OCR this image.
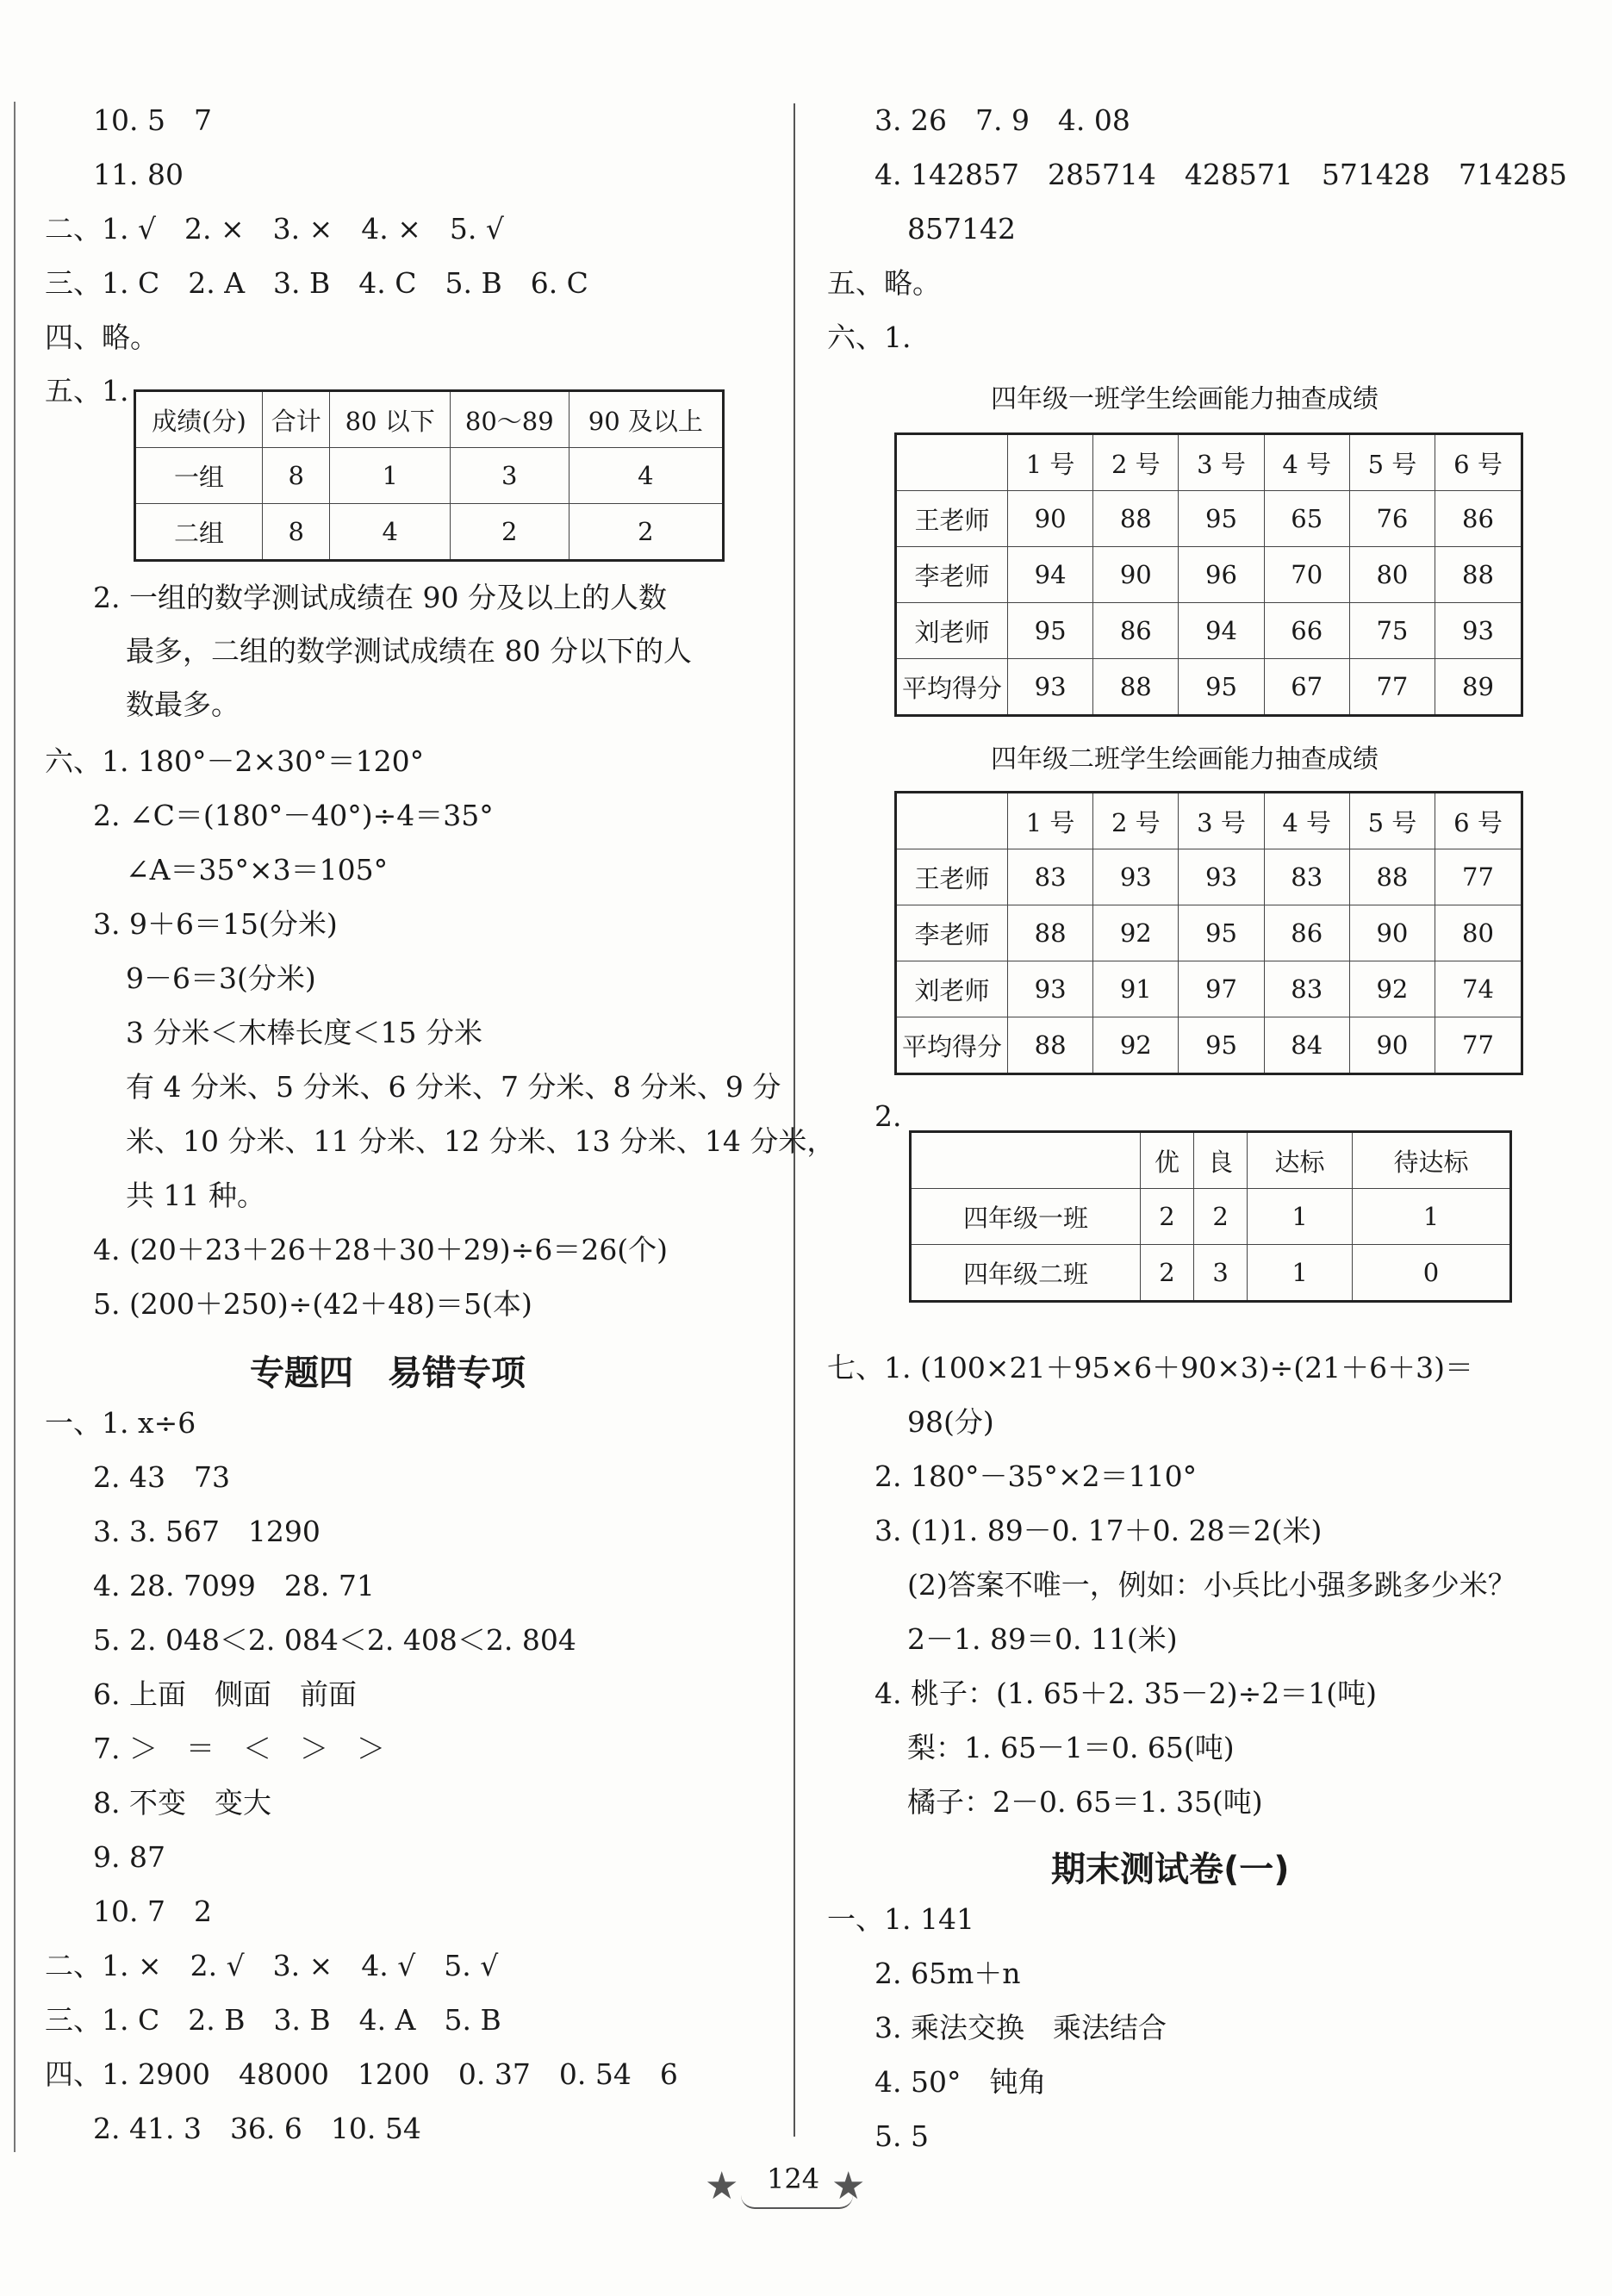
10. 5　7
11. 80
二、1. √　2. ×　3. ×　4. ×　5. √
三、1. C　2. A　3. B　4. C　5. B　6. C
四、略。
五、1.
成绩(分)	合计	80 以下	80～89	90 及以上
一组	8	1	3	4
二组	8	4	2	2
2. 一组的数学测试成绩在 90 分及以上的人数
最多，二组的数学测试成绩在 80 分以下的人
数最多。
六、1. 180°－2×30°＝120°
2. ∠C＝(180°－40°)÷4＝35°
∠A＝35°×3＝105°
3. 9＋6＝15(分米)
9－6＝3(分米)
3 分米＜木棒长度＜15 分米
有 4 分米、5 分米、6 分米、7 分米、8 分米、9 分
米、10 分米、11 分米、12 分米、13 分米、14 分米，
共 11 种。
4. (20＋23＋26＋28＋30＋29)÷6＝26(个)
5. (200＋250)÷(42＋48)＝5(本)
专题四　易错专项
一、1. x÷6
2. 43　73
3. 3. 567　1290
4. 28. 7099　28. 71
5. 2. 048＜2. 084＜2. 408＜2. 804
6. 上面　侧面　前面
7. ＞　＝　＜　＞　＞
8. 不变　变大
9. 87
10. 7　2
二、1. ×　2. √　3. ×　4. √　5. √
三、1. C　2. B　3. B　4. A　5. B
四、1. 2900　48000　1200　0. 37　0. 54　6
2. 41. 3　36. 6　10. 54
3. 26　7. 9　4. 08
4. 142857　285714　428571　571428　714285
857142
五、略。
六、1.
四年级一班学生绘画能力抽查成绩
	1 号	2 号	3 号	4 号	5 号	6 号
王老师	90	88	95	65	76	86
李老师	94	90	96	70	80	88
刘老师	95	86	94	66	75	93
平均得分	93	88	95	67	77	89
四年级二班学生绘画能力抽查成绩
	1 号	2 号	3 号	4 号	5 号	6 号
王老师	83	93	93	83	88	77
李老师	88	92	95	86	90	80
刘老师	93	91	97	83	92	74
平均得分	88	92	95	84	90	77
2.
	优	良	达标	待达标
四年级一班	2	2	1	1
四年级二班	2	3	1	0
七、1. (100×21＋95×6＋90×3)÷(21＋6＋3)＝
98(分)
2. 180°－35°×2＝110°
3. (1)1. 89－0. 17＋0. 28＝2(米)
(2)答案不唯一，例如：小兵比小强多跳多少米？
2－1. 89＝0. 11(米)
4. 桃子：(1. 65＋2. 35－2)÷2＝1(吨)
梨：1. 65－1＝0. 65(吨)
橘子：2－0. 65＝1. 35(吨)
期末测试卷(一)
一、1. 141
2. 65m＋n
3. 乘法交换　乘法结合
4. 50°　钝角
5. 5
★ 124 ★
